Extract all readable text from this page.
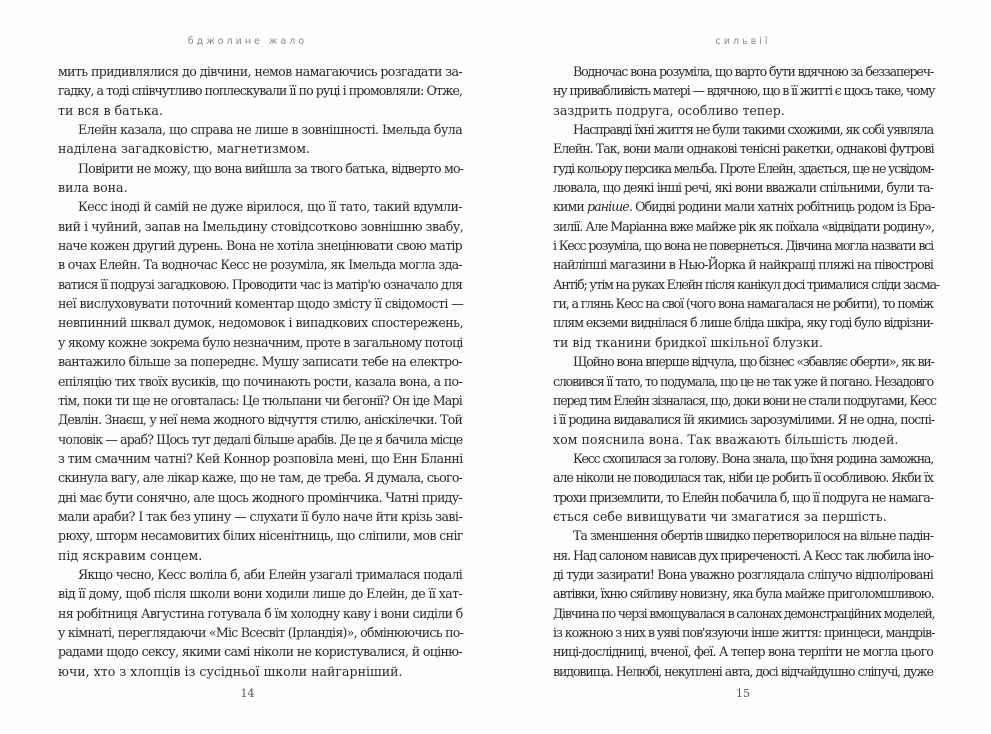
бджолине жало
мить придивлялися до дівчини, немов намагаючись розгадати за-
гадку, а тоді співчутливо поплескували її по руці і промовляли: Отже,
ти вся в батька.
Елейн казала, що справа не лише в зовнішності. Імельда була
наділена загадковістю, магнетизмом.
Повірити не можу, що вона вийшла за твого батька, відверто мо-
вила вона.
Кесс іноді й самій не дуже вірилося, що її тато, такий вдумли-
вий і чуйний, запав на Імельдину стовідсотково зовнішню звабу,
наче кожен другий дурень. Вона не хотіла знецінювати свою матір
в очах Елейн. Та водночас Кесс не розуміла, як Імельда могла зда-
ватися її подрузі загадковою. Проводити час із матір'ю означало для
неї вислуховувати поточний коментар щодо змісту її свідомості —
невпинний шквал думок, недомовок і випадкових спостережень,
у якому кожне зокрема було незначним, проте в загальному потоці
вантажило більше за попереднє. Мушу записати тебе на електро-
епіляцію тих твоїх вусиків, що починають рости, казала вона, а по-
тім, поки ти ще не оговталась: Це тюльпани чи бегонії? Он іде Марі
Девлін. Знаєш, у неї нема жодного відчуття стилю, аніскілечки. Той
чоловік — араб? Щось тут дедалі більше арабів. Де це я бачила місце
з тим смачним чатні? Кей Коннор розповіла мені, що Енн Бланні
скинула вагу, але лікар каже, що не там, де треба. Я думала, сього-
дні має бути сонячно, але щось жодного промінчика. Чатні приду-
мали араби? І так без упину — слухати її було наче йти крізь заві-
рюху, шторм несамовитих білих нісенітниць, що сліпили, мов сніг
під яскравим сонцем.
Якщо чесно, Кесс воліла б, аби Елейн узагалі трималася подалі
від її дому, щоб після школи вони ходили лише до Елейн, де її хат-
ня робітниця Августина готувала б їм холодну каву і вони сиділи б
у кімнаті, переглядаючи «Міс Всесвіт (Ірландія)», обмінюючись по-
радами щодо сексу, якими самі ніколи не користувалися, й оціню-
ючи, хто з хлопців із сусідньої школи найгарніший.
14
сильвії
Водночас вона розуміла, що варто бути вдячною за беззапереч-
ну привабливість матері — вдячною, що в її житті є щось таке, чому
заздрить подруга, особливо тепер.
Насправді їхні життя не були такими схожими, як собі уявляла
Елейн. Так, вони мали однакові тенісні ракетки, однакові футрові
гуді кольору персика мельба. Проте Елейн, здається, ще не усвідом-
лювала, що деякі інші речі, які вони вважали спільними, були та-
кими раніше. Обидві родини мали хатніх робітниць родом із Бра-
зилії. Але Маріанна вже майже рік як поїхала «відвідати родину»,
і Кесс розуміла, що вона не повернеться. Дівчина могла назвати всі
найліпші магазини в Нью-Йорка й найкращі пляжі на півострові
Антіб; утім на руках Елейн після канікул досі трималися сліди засма-
ги, а глянь Кесс на свої (чого вона намагалася не робити), то поміж
плям екземи виднілася б лише бліда шкіра, яку годі було відрізни-
ти від тканини бридкої шкільної блузки.
Щойно вона вперше відчула, що бізнес «збавляє оберти», як ви-
словився її тато, то подумала, що це не так уже й погано. Незадовго
перед тим Елейн зізналася, що, доки вони не стали подругами, Кесс
і її родина видавалися їй якимись зарозумілими. Я не одна, поспі-
хом пояснила вона. Так вважають більшість людей.
Кесс схопилася за голову. Вона знала, що їхня родина заможна,
але ніколи не поводилася так, ніби це робить її особливою. Якби їх
трохи приземлити, то Елейн побачила б, що її подруга не намага-
ється себе вивищувати чи змагатися за першість.
Та зменшення обертів швидко перетворилося на вільне падін-
ня. Над салоном нависав дух приреченості. А Кесс так любила іно-
ді туди зазирати! Вона уважно розглядала сліпучо відполіровані
автівки, їхню сяйливу новизну, яка була майже приголомшливою.
Дівчина по черзі вмощувалася в салонах демонстраційних моделей,
із кожною з них в уяві пов'язуючи інше життя: принцеси, мандрів-
ниці-дослідниці, вченої, феї. А тепер вона терпіти не могла цього
видовища. Нелюбі, некуплені авта, досі відчайдушно сліпучі, дуже
15
